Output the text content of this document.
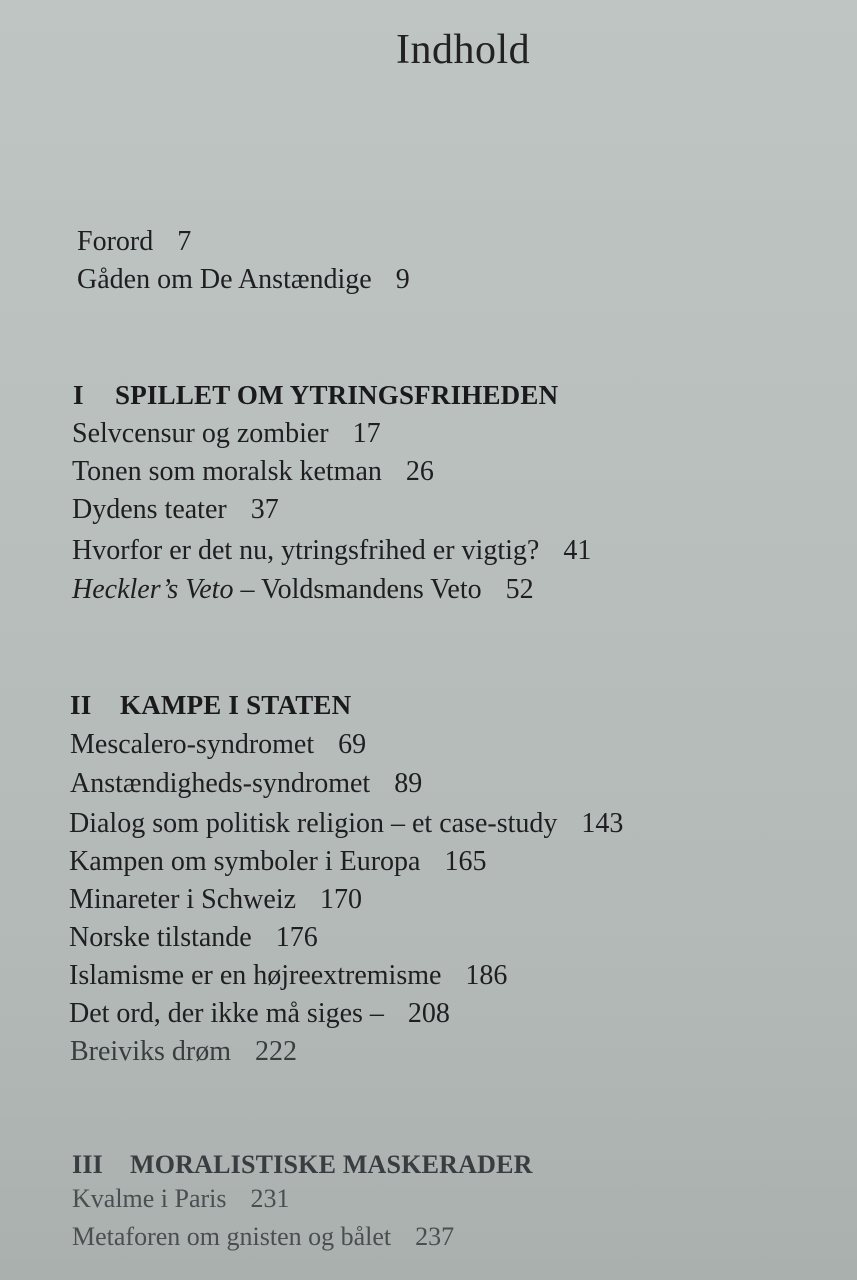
Indhold
Forord 7
Gåden om De Anstændige 9
I SPILLET OM YTRINGSFRIHEDEN
Selvcensur og zombier 17
Tonen som moralsk ketman 26
Dydens teater 37
Hvorfor er det nu, ytringsfrihed er vigtig? 41
Heckler’s Veto – Voldsmandens Veto 52
II KAMPE I STATEN
Mescalero-syndromet 69
Anstændigheds-syndromet 89
Dialog som politisk religion – et case-study 143
Kampen om symboler i Europa 165
Minareter i Schweiz 170
Norske tilstande 176
Islamisme er en højreextremisme 186
Det ord, der ikke må siges – 208
Breiviks drøm 222
III MORALISTISKE MASKERADER
Kvalme i Paris 231
Metaforen om gnisten og bålet 237
